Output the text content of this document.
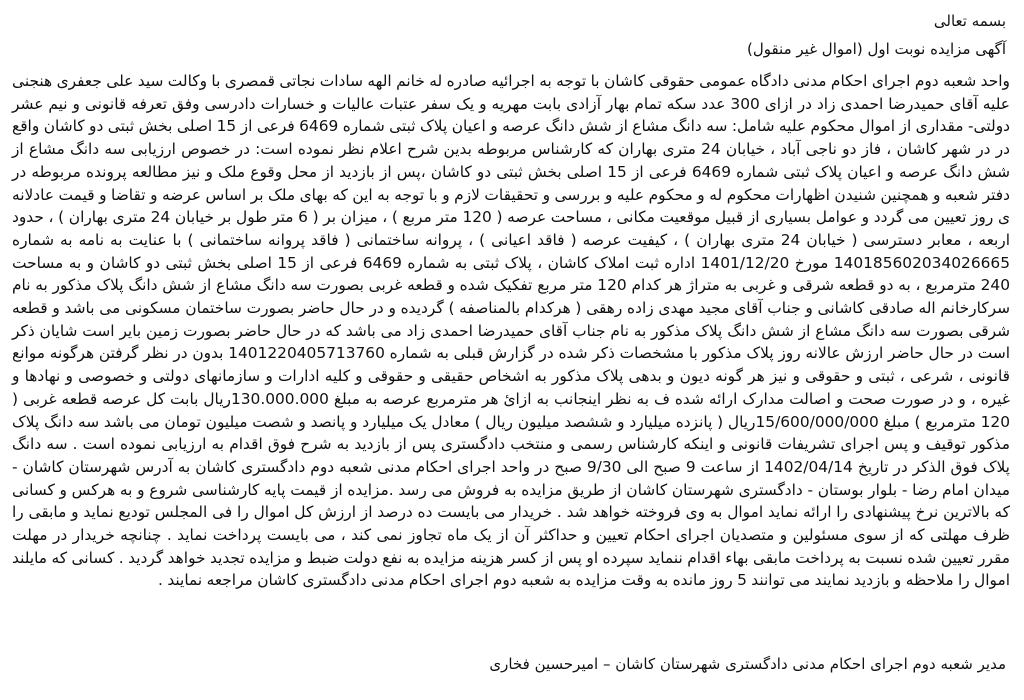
بسمه تعالی
آگهی مزایده نوبت اول (اموال غیر منقول)

واحد شعبه دوم اجرای احکام مدنی دادگاه عمومی حقوقی کاشان با توجه به اجرائیه صادره له خانم الهه سادات نجاتی قمصری با وکالت سید علی جعفری هنجنی علیه آقای حمیدرضا احمدی زاد در ازای 300 عدد سکه تمام بهار آزادی بابت مهریه و یک سفر عتبات عالیات و خسارات دادرسی وفق تعرفه قانونی و نیم عشر دولتی- مقداری از اموال محکوم علیه شامل: سه دانگ مشاع از شش دانگ عرصه و اعیان پلاک ثبتی شماره 6469 فرعی از 15 اصلی بخش ثبتی دو کاشان واقع در در شهر کاشان ، فاز دو ناجی آباد ، خیابان 24 متری بهاران که کارشناس مربوطه بدین شرح اعلام نظر نموده است: در خصوص ارزیابی سه دانگ مشاع از شش دانگ عرصه و اعیان پلاک ثبتی شماره 6469 فرعی از 15 اصلی بخش ثبتی دو کاشان ،پس از بازدید از محل وقوع ملک و نیز مطالعه پرونده مربوطه در دفتر شعبه و همچنین شنیدن اظهارات محکوم له و محکوم علیه و بررسی و تحقیقات لازم و با توجه به این که بهای ملک بر اساس عرضه و تقاضا و قیمت عادلانه ی روز تعیین می گردد و عوامل بسیاری از قبیل موقعیت مکانی ، مساحت عرصه ( 120 متر مربع ) ، میزان بر ( 6 متر طول بر خیابان 24 متری بهاران ) ، حدود اربعه ، معابر دسترسی ( خیابان 24 متری بهاران ) ، کیفیت عرصه ( فاقد اعیانی ) ، پروانه ساختمانی ( فاقد پروانه ساختمانی ) با عنایت به نامه به شماره 140185602034026665 مورخ 1401/12/20 اداره ثبت املاک کاشان ، پلاک ثبتی به شماره 6469 فرعی از 15 اصلی بخش ثبتی دو کاشان و به مساحت 240 مترمربع ، به دو قطعه شرقی و غربی به متراژ هر کدام 120 متر مربع تفکیک شده و قطعه غربی بصورت سه دانگ مشاع از شش دانگ پلاک مذکور به نام سرکارخانم اله صادقی کاشانی و جناب آقای مجید مهدی زاده رهقی ( هرکدام بالمناصفه ) گردیده و در حال حاضر بصورت ساختمان مسکونی می باشد و قطعه شرقی بصورت سه دانگ مشاع از شش دانگ پلاک مذکور به نام جناب آقای حمیدرضا احمدی زاد می باشد که در حال حاضر بصورت زمین بایر است شایان ذکر است در حال حاضر ارزش عالانه روز پلاک مذکور با مشخصات ذکر شده در گزارش قبلی به شماره 1401220405713760 بدون در نظر گرفتن هرگونه موانع قانونی ، شرعی ، ثبتی و حقوقی و نیز هر گونه دیون و بدهی پلاک مذکور به اشخاص حقیقی و حقوقی و کلیه ادارات و سازمانهای دولتی و خصوصی و نهادها و غیره ، و در صورت صحت و اصالت مدارک ارائه شده ف به نظر اینجانب به ازائ هر مترمربع عرصه به مبلغ 130.000.000ریال بابت کل عرصه قطعه غربی ( 120 مترمربع ) مبلغ 15/600/000/000ریال ( پانزده میلیارد و ششصد میلیون ریال ) معادل یک میلیارد و پانصد و شصت میلیون تومان می باشد سه دانگ پلاک مذکور توقیف و پس اجرای تشریفات قانونی و اینکه کارشناس رسمی و منتخب دادگستری پس از بازدید به شرح فوق اقدام به ارزیابی نموده است . سه دانگ پلاک فوق الذکر در تاریخ 1402/04/14 از ساعت 9 صبح الی 9/30 صبح در واحد اجرای احکام مدنی شعبه دوم دادگستری کاشان به آدرس شهرستان کاشان - میدان امام رضا - بلوار بوستان - دادگستری شهرستان کاشان از طریق مزایده به فروش می رسد .مزایده از قیمت پایه کارشناسی شروع و به هرکس و کسانی که بالاترین نرخ پیشنهادی را ارائه نماید اموال به وی فروخته خواهد شد . خریدار می بایست ده درصد از ارزش کل اموال را فی المجلس تودیع نماید و مابقی را ظرف مهلتی که از سوی مسئولین و متصدیان اجرای احکام تعیین و حداکثر آن از یک ماه تجاوز نمی کند ، می بایست پرداخت نماید . چنانچه خریدار در مهلت مقرر تعیین شده نسبت به پرداخت مابقی بهاء اقدام ننماید سپرده او پس از کسر هزینه مزایده به نفع دولت ضبط و مزایده تجدید خواهد گردید . کسانی که مایلند اموال را ملاحظه و بازدید نمایند می توانند 5 روز مانده به وقت مزایده به شعبه دوم اجرای احکام مدنی دادگستری کاشان مراجعه نمایند .

مدیر شعبه دوم اجرای احکام مدنی دادگستری شهرستان کاشان – امیرحسین فخاری
